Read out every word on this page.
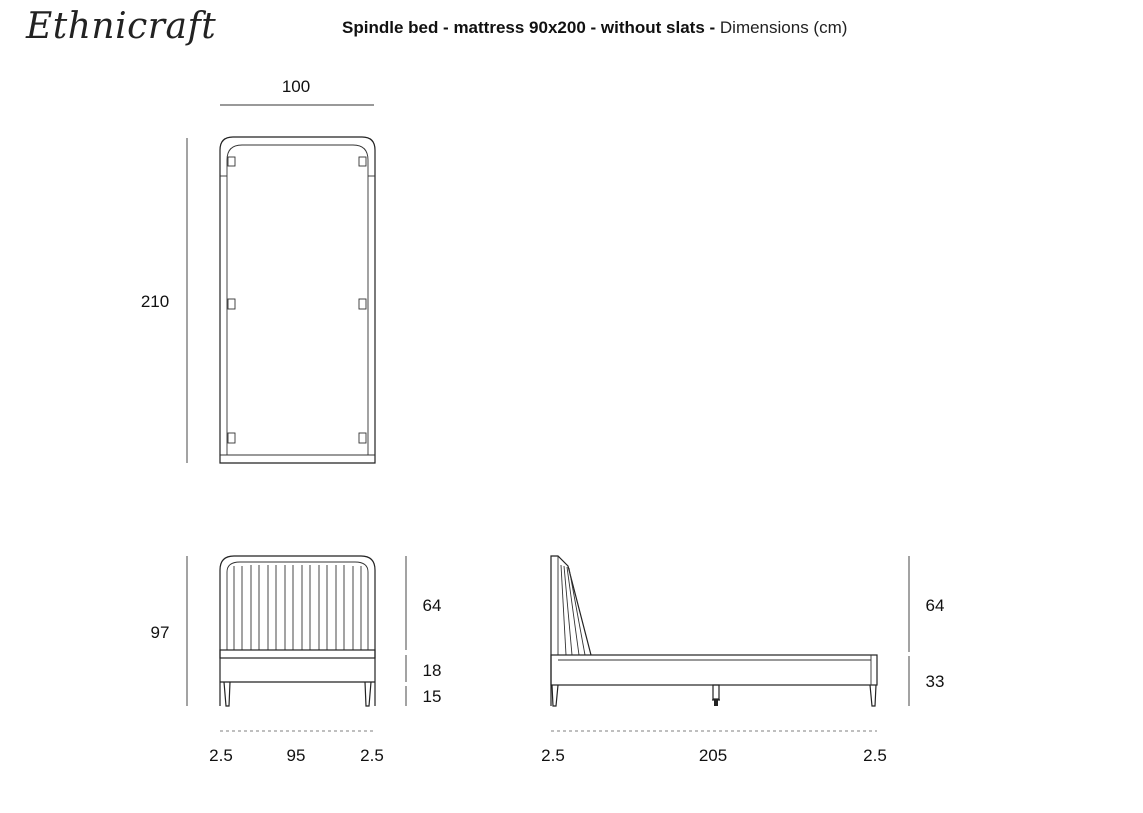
Ethnicraft	Spindle bed - mattress 90x200 - without slats - Dimensions (cm)
100
210
97
64
18
15
2.5	95	2.5
64
33
2.5	205	2.5
